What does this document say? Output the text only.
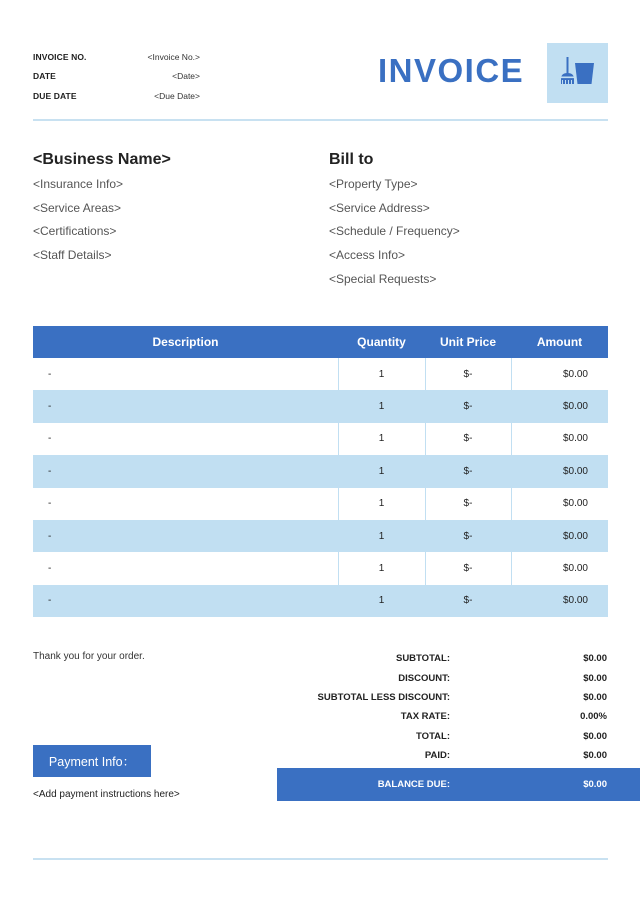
INVOICE NO.	<Invoice No.>
DATE	<Date>
DUE DATE	<Due Date>
INVOICE
<Business Name>
<Insurance Info>
<Service Areas>
<Certifications>
<Staff Details>
Bill to
<Property Type>
<Service Address>
<Schedule / Frequency>
<Access Info>
<Special Requests>
Description	Quantity	Unit Price	Amount
-	1	$-	$0.00
-	1	$-	$0.00
-	1	$-	$0.00
-	1	$-	$0.00
-	1	$-	$0.00
-	1	$-	$0.00
-	1	$-	$0.00
-	1	$-	$0.00
Thank you for your order.	SUBTOTAL:	$0.00
DISCOUNT:	$0.00
SUBTOTAL LESS DISCOUNT:	$0.00
TAX RATE:	0.00%
TOTAL:	$0.00
PAID:	$0.00
BALANCE DUE:	$0.00
Payment Info：
<Add payment instructions here>
